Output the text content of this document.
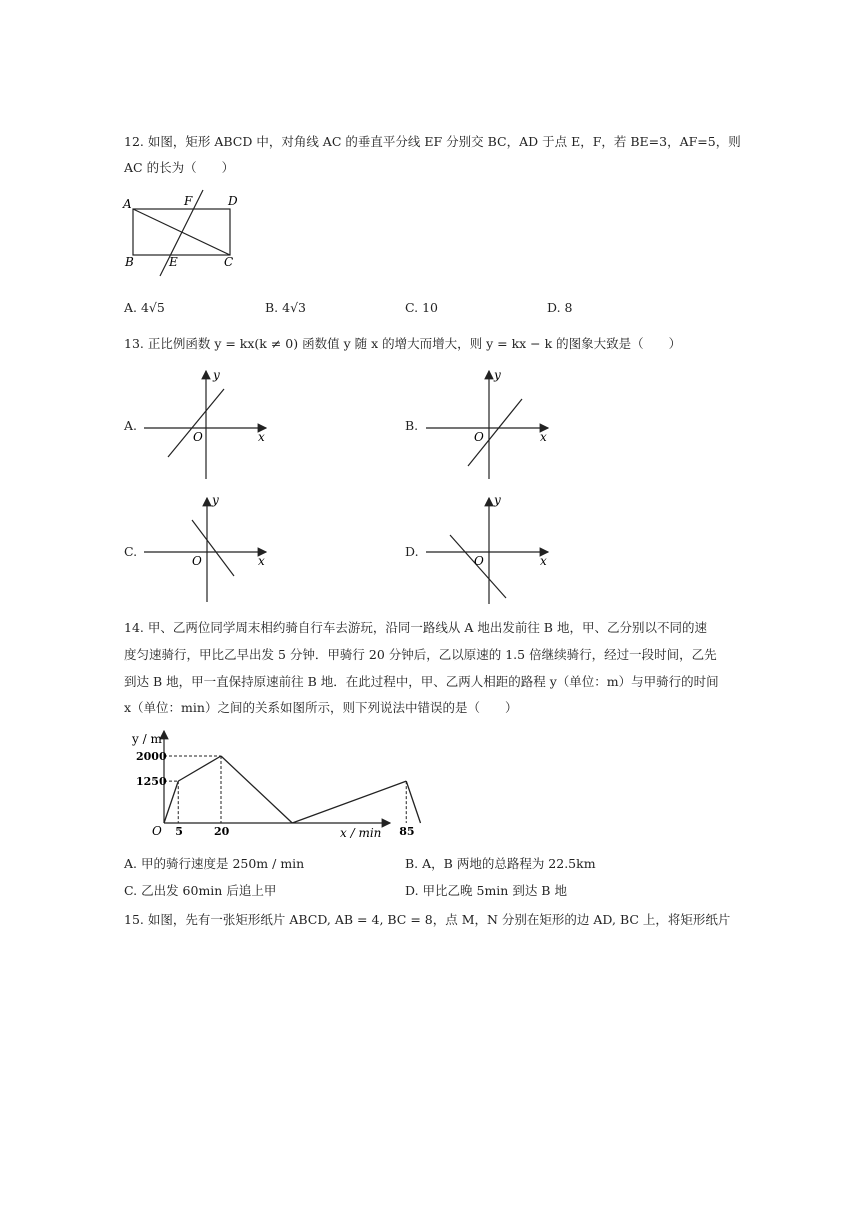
12. 如图，矩形 ABCD 中，对角线 AC 的垂直平分线 EF 分别交 BC，AD 于点 E，F，若 BE=3，AF=5，则
AC 的长为（　　）
A
B	C
D
E
F
A. 4√5	B. 4√3	C. 10	D. 8
13. 正比例函数 y = kx(k ≠ 0) 函数值 y 随 x 的增大而增大，则 y = kx − k 的图象大致是（　　）
A.
y
x
O
B.
y
x
O
C.
y
x
O
D.
y
x
O
14. 甲、乙两位同学周末相约骑自行车去游玩，沿同一路线从 A 地出发前往 B 地，甲、乙分别以不同的速
度匀速骑行，甲比乙早出发 5 分钟．甲骑行 20 分钟后，乙以原速的 1.5 倍继续骑行，经过一段时间，乙先
到达 B 地，甲一直保持原速前往 B 地．在此过程中，甲、乙两人相距的路程 y（单位：m）与甲骑行的时间
x（单位：min）之间的关系如图所示，则下列说法中错误的是（　　）
y / m
x / min
O 5	20	85
1250
2000
A. 甲的骑行速度是 250m / min	B. A，B 两地的总路程为 22.5km
C. 乙出发 60min 后追上甲	D. 甲比乙晚 5min 到达 B 地
15. 如图，先有一张矩形纸片 ABCD, AB = 4, BC = 8，点 M，N 分别在矩形的边 AD, BC 上，将矩形纸片
